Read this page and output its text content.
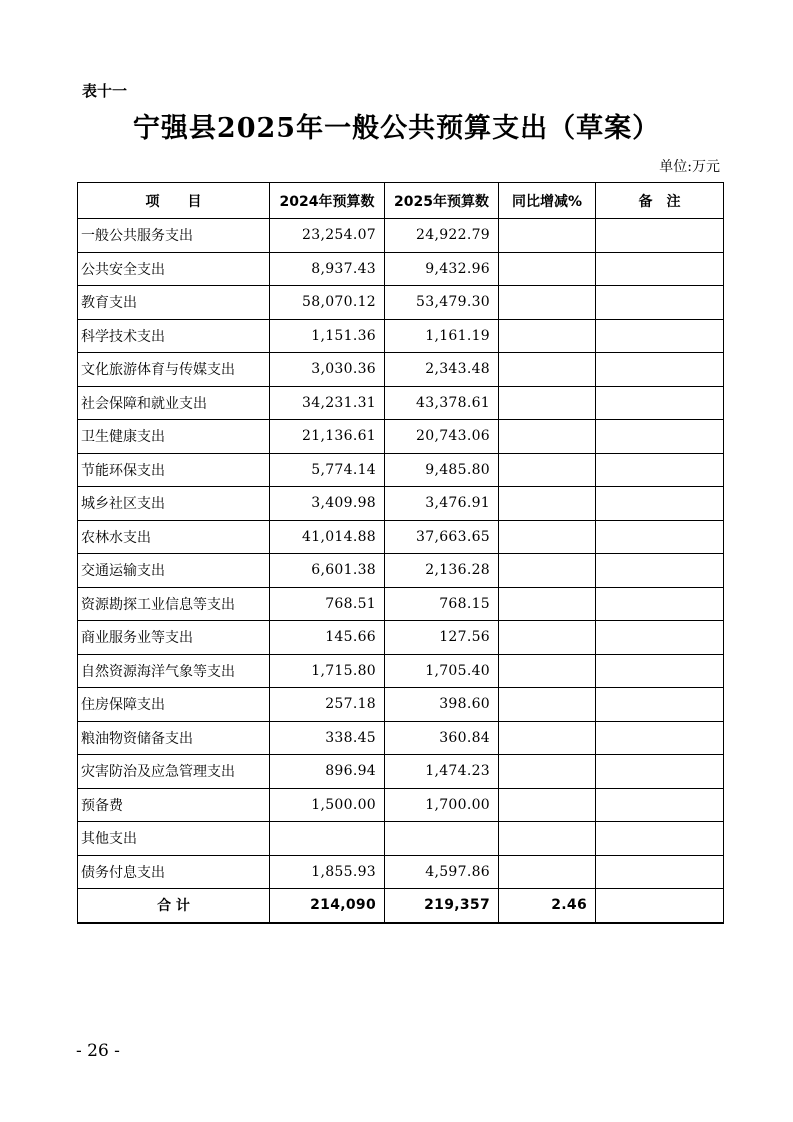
表十一
宁强县2025年一般公共预算支出（草案）
单位:万元
项　　目	2024年预算数	2025年预算数	同比增减%	备　注
一般公共服务支出	23,254.07	24,922.79		
公共安全支出	8,937.43	9,432.96		
教育支出	58,070.12	53,479.30		
科学技术支出	1,151.36	1,161.19		
文化旅游体育与传媒支出	3,030.36	2,343.48		
社会保障和就业支出	34,231.31	43,378.61		
卫生健康支出	21,136.61	20,743.06		
节能环保支出	5,774.14	9,485.80		
城乡社区支出	3,409.98	3,476.91		
农林水支出	41,014.88	37,663.65		
交通运输支出	6,601.38	2,136.28		
资源勘探工业信息等支出	768.51	768.15		
商业服务业等支出	145.66	127.56		
自然资源海洋气象等支出	1,715.80	1,705.40		
住房保障支出	257.18	398.60		
粮油物资储备支出	338.45	360.84		
灾害防治及应急管理支出	896.94	1,474.23		
预备费	1,500.00	1,700.00		
其他支出				
债务付息支出	1,855.93	4,597.86		
合 计	214,090	219,357	2.46	
- 26 -
